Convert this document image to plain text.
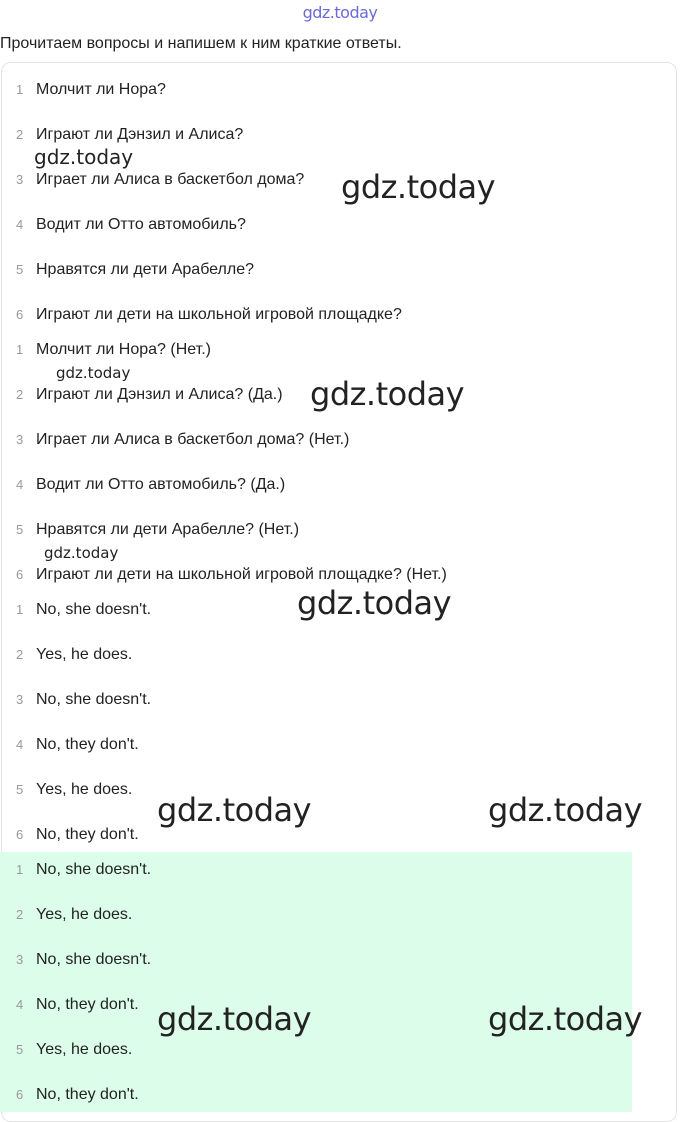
gdz.today
Прочитаем вопросы и напишем к ним краткие ответы.
1 Молчит ли Нора?
2 Играют ли Дэнзил и Алиса?
3 Играет ли Алиса в баскетбол дома?
4 Водит ли Отто автомобиль?
5 Нравятся ли дети Арабелле?
6 Играют ли дети на школьной игровой площадке?
1 Молчит ли Нора? (Нет.)
2 Играют ли Дэнзил и Алиса? (Да.)
3 Играет ли Алиса в баскетбол дома? (Нет.)
4 Водит ли Отто автомобиль? (Да.)
5 Нравятся ли дети Арабелле? (Нет.)
6 Играют ли дети на школьной игровой площадке? (Нет.)
1 No, she doesn't.
2 Yes, he does.
3 No, she doesn't.
4 No, they don't.
5 Yes, he does.
6 No, they don't.
1 No, she doesn't.
2 Yes, he does.
3 No, she doesn't.
4 No, they don't.
5 Yes, he does.
6 No, they don't.
gdz.today
gdz.today
gdz.today
gdz.today
gdz.today
gdz.today
gdz.today	gdz.today
gdz.today	gdz.today
